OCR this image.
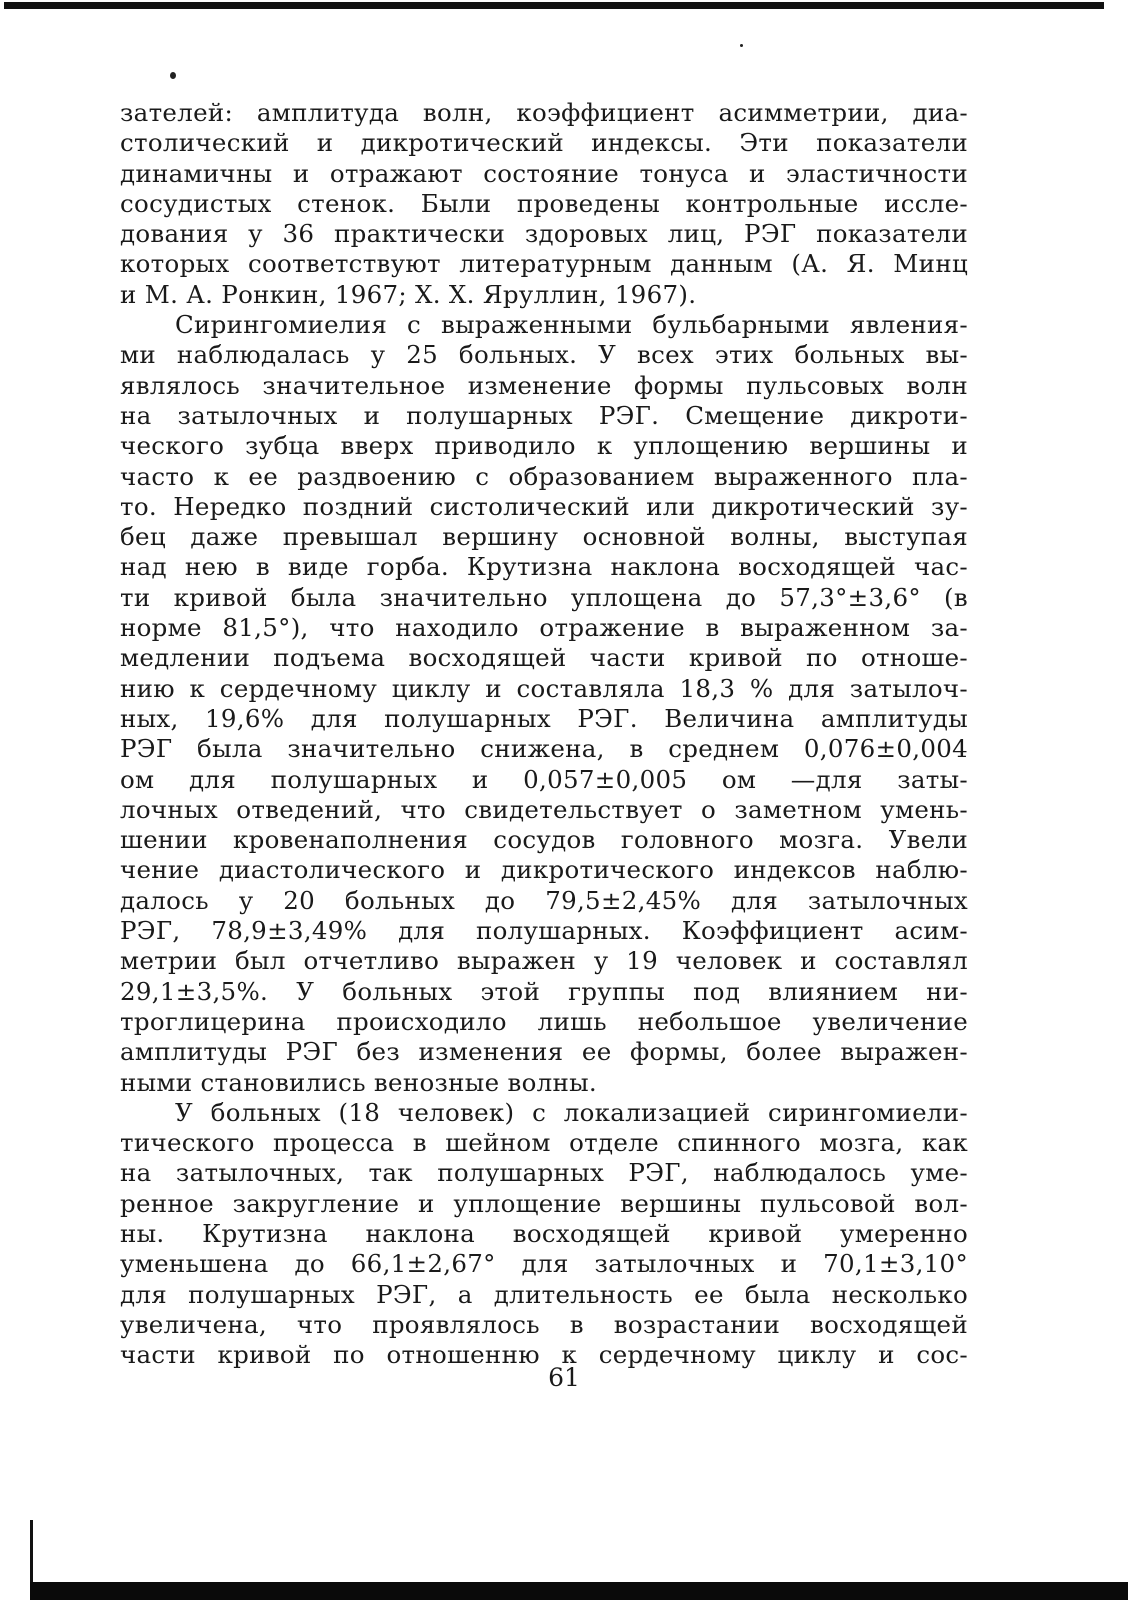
зателей: амплитуда волн, коэффициент асимметрии, диа-
столический и дикротический индексы. Эти показатели
динамичны и отражают состояние тонуса и эластичности
сосудистых стенок. Были проведены контрольные иссле-
дования у 36 практически здоровых лиц, РЭГ показатели
которых соответствуют литературным данным (А. Я. Минц
и М. А. Ронкин, 1967; Х. Х. Яруллин, 1967).

Сирингомиелия с выраженными бульбарными явления-
ми наблюдалась у 25 больных. У всех этих больных вы-
являлось значительное изменение формы пульсовых волн
на затылочных и полушарных РЭГ. Смещение дикроти-
ческого зубца вверх приводило к уплощению вершины и
часто к ее раздвоению с образованием выраженного пла-
то. Нередко поздний систолический или дикротический зу-
бец даже превышал вершину основной волны, выступая
над нею в виде горба. Крутизна наклона восходящей час-
ти кривой была значительно уплощена до 57,3°±3,6° (в
норме 81,5°), что находило отражение в выраженном за-
медлении подъема восходящей части кривой по отноше-
нию к сердечному циклу и составляла 18,3 % для затылоч-
ных, 19,6% для полушарных РЭГ. Величина амплитуды
РЭГ была значительно снижена, в среднем 0,076±0,004
ом для полушарных и 0,057±0,005 ом —для заты-
лочных отведений, что свидетельствует о заметном умень-
шении кровенаполнения сосудов головного мозга. Увели
чение диастолического и дикротического индексов наблю-
далось у 20 больных до 79,5±2,45% для затылочных
РЭГ, 78,9±3,49% для полушарных. Коэффициент асим-
метрии был отчетливо выражен у 19 человек и составлял
29,1±3,5%. У больных этой группы под влиянием ни-
троглицерина происходило лишь небольшое увеличение
амплитуды РЭГ без изменения ее формы, более выражен-
ными становились венозные волны.

У больных (18 человек) с локализацией сирингомиели-
тического процесса в шейном отделе спинного мозга, как
на затылочных, так полушарных РЭГ, наблюдалось уме-
ренное закругление и уплощение вершины пульсовой вол-
ны. Крутизна наклона восходящей кривой умеренно
уменьшена до 66,1±2,67° для затылочных и 70,1±3,10°
для полушарных РЭГ, а длительность ее была несколько
увеличена, что проявлялось в возрастании восходящей
части кривой по отношенню к сердечному циклу и сос-

61
